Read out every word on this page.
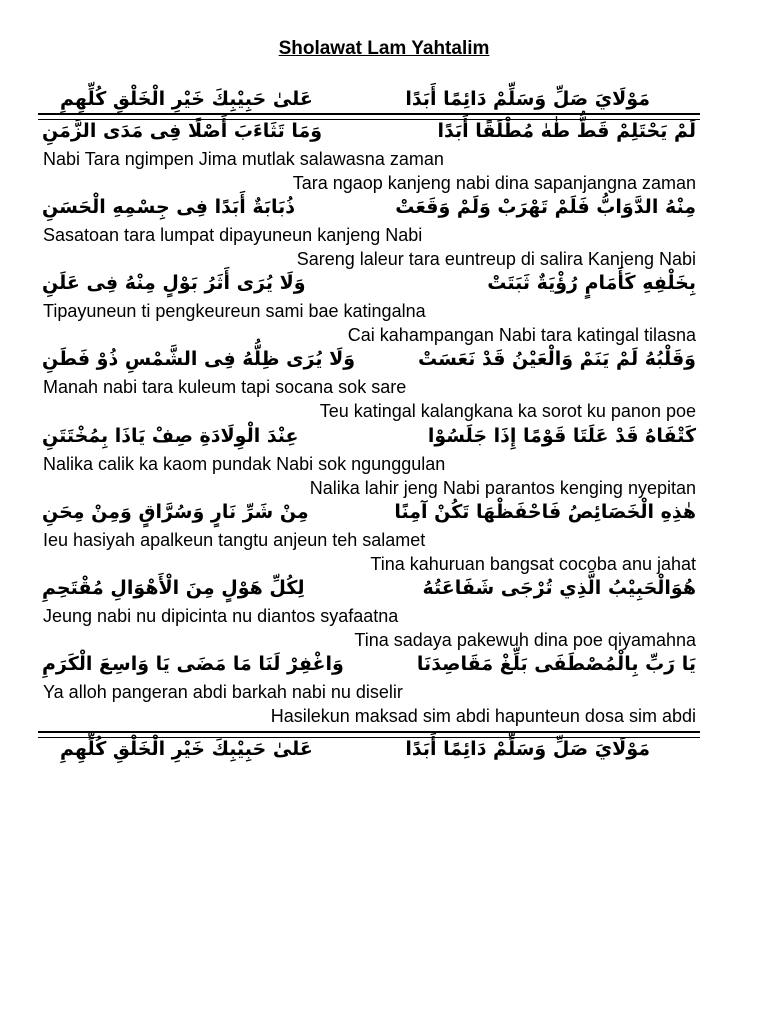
Sholawat Lam Yahtalim
مَوْلَايَ صَلِّ وَسَلِّمْ دَائِمًا أَبَدًا
عَلىٰ حَبِيْبِكَ خَيْرِ الْخَلْقِ كُلِّهِمِ
لَمْ يَحْتَلِمْ قَطُّ طٰهٰ مُطْلَقًا أَبَدًا
وَمَا تَثَاءَبَ أَصْلًا فِى مَدَى الزَّمَنِ
Nabi Tara ngimpen Jima mutlak salawasna zaman
Tara ngaop kanjeng nabi dina sapanjangna zaman
مِنْهُ الدَّوَابُّ فَلَمْ تَهْرَبْ وَلَمْ وَقَعَتْ
ذُبَابَةٌ أَبَدًا فِى جِسْمِهِ الْحَسَنِ
Sasatoan tara lumpat dipayuneun kanjeng Nabi
Sareng laleur tara euntreup di salira Kanjeng Nabi
بِخَلْفِهِ كَأَمَامٍ رُؤْيَةٌ ثَبَتَتْ
وَلَا يُرَى أَثَرُ بَوْلٍ مِنْهُ فِى عَلَنِ
Tipayuneun ti pengkeureun sami bae katingalna
Cai kahampangan Nabi tara katingal tilasna
وَقَلْبُهُ لَمْ يَنَمْ وَالْعَيْنُ قَدْ نَعَسَتْ
وَلَا يُرَى ظِلُّهُ فِى الشَّمْسِ ذُوْ فَطَنِ
Manah nabi tara kuleum tapi socana sok sare
Teu katingal kalangkana ka sorot ku panon poe
كَتْفَاهُ قَدْ عَلَتَا قَوْمًا إِذَا جَلَسُوْا
عِنْدَ الْوِلَادَةِ صِفْ يَاذَا بِمُخْتَتَنِ
Nalika calik ka kaom pundak Nabi sok ngunggulan
Nalika lahir jeng Nabi parantos kenging nyepitan
هٰذِهِ الْخَصَائِصُ فَاحْفَظْهَا تَكُنْ آمِنًا
مِنْ شَرِّ نَارٍ وَسُرَّاقٍ وَمِنْ مِحَنِ
Ieu hasiyah apalkeun tangtu anjeun teh salamet
Tina kahuruan bangsat cocoba anu jahat
هُوَالْحَبِيْبُ الَّذِي تُرْجَى شَفَاعَتُهُ
لِكُلِّ هَوْلٍ مِنَ الْأَهْوَالِ مُقْتَحِمِ
Jeung nabi nu dipicinta nu diantos syafaatna
Tina sadaya pakewuh dina poe qiyamahna
يَا رَبِّ بِالْمُصْطَفَى بَلِّغْ مَقَاصِدَنَا
وَاغْفِرْ لَنَا مَا مَضَى يَا وَاسِعَ الْكَرَمِ
Ya alloh pangeran abdi barkah nabi nu diselir
Hasilekun maksad sim abdi hapunteun dosa sim abdi
مَوْلَايَ صَلِّ وَسَلِّمْ دَائِمًا أَبَدًا
عَلىٰ حَبِيْبِكَ خَيْرِ الْخَلْقِ كُلِّهِمِ
